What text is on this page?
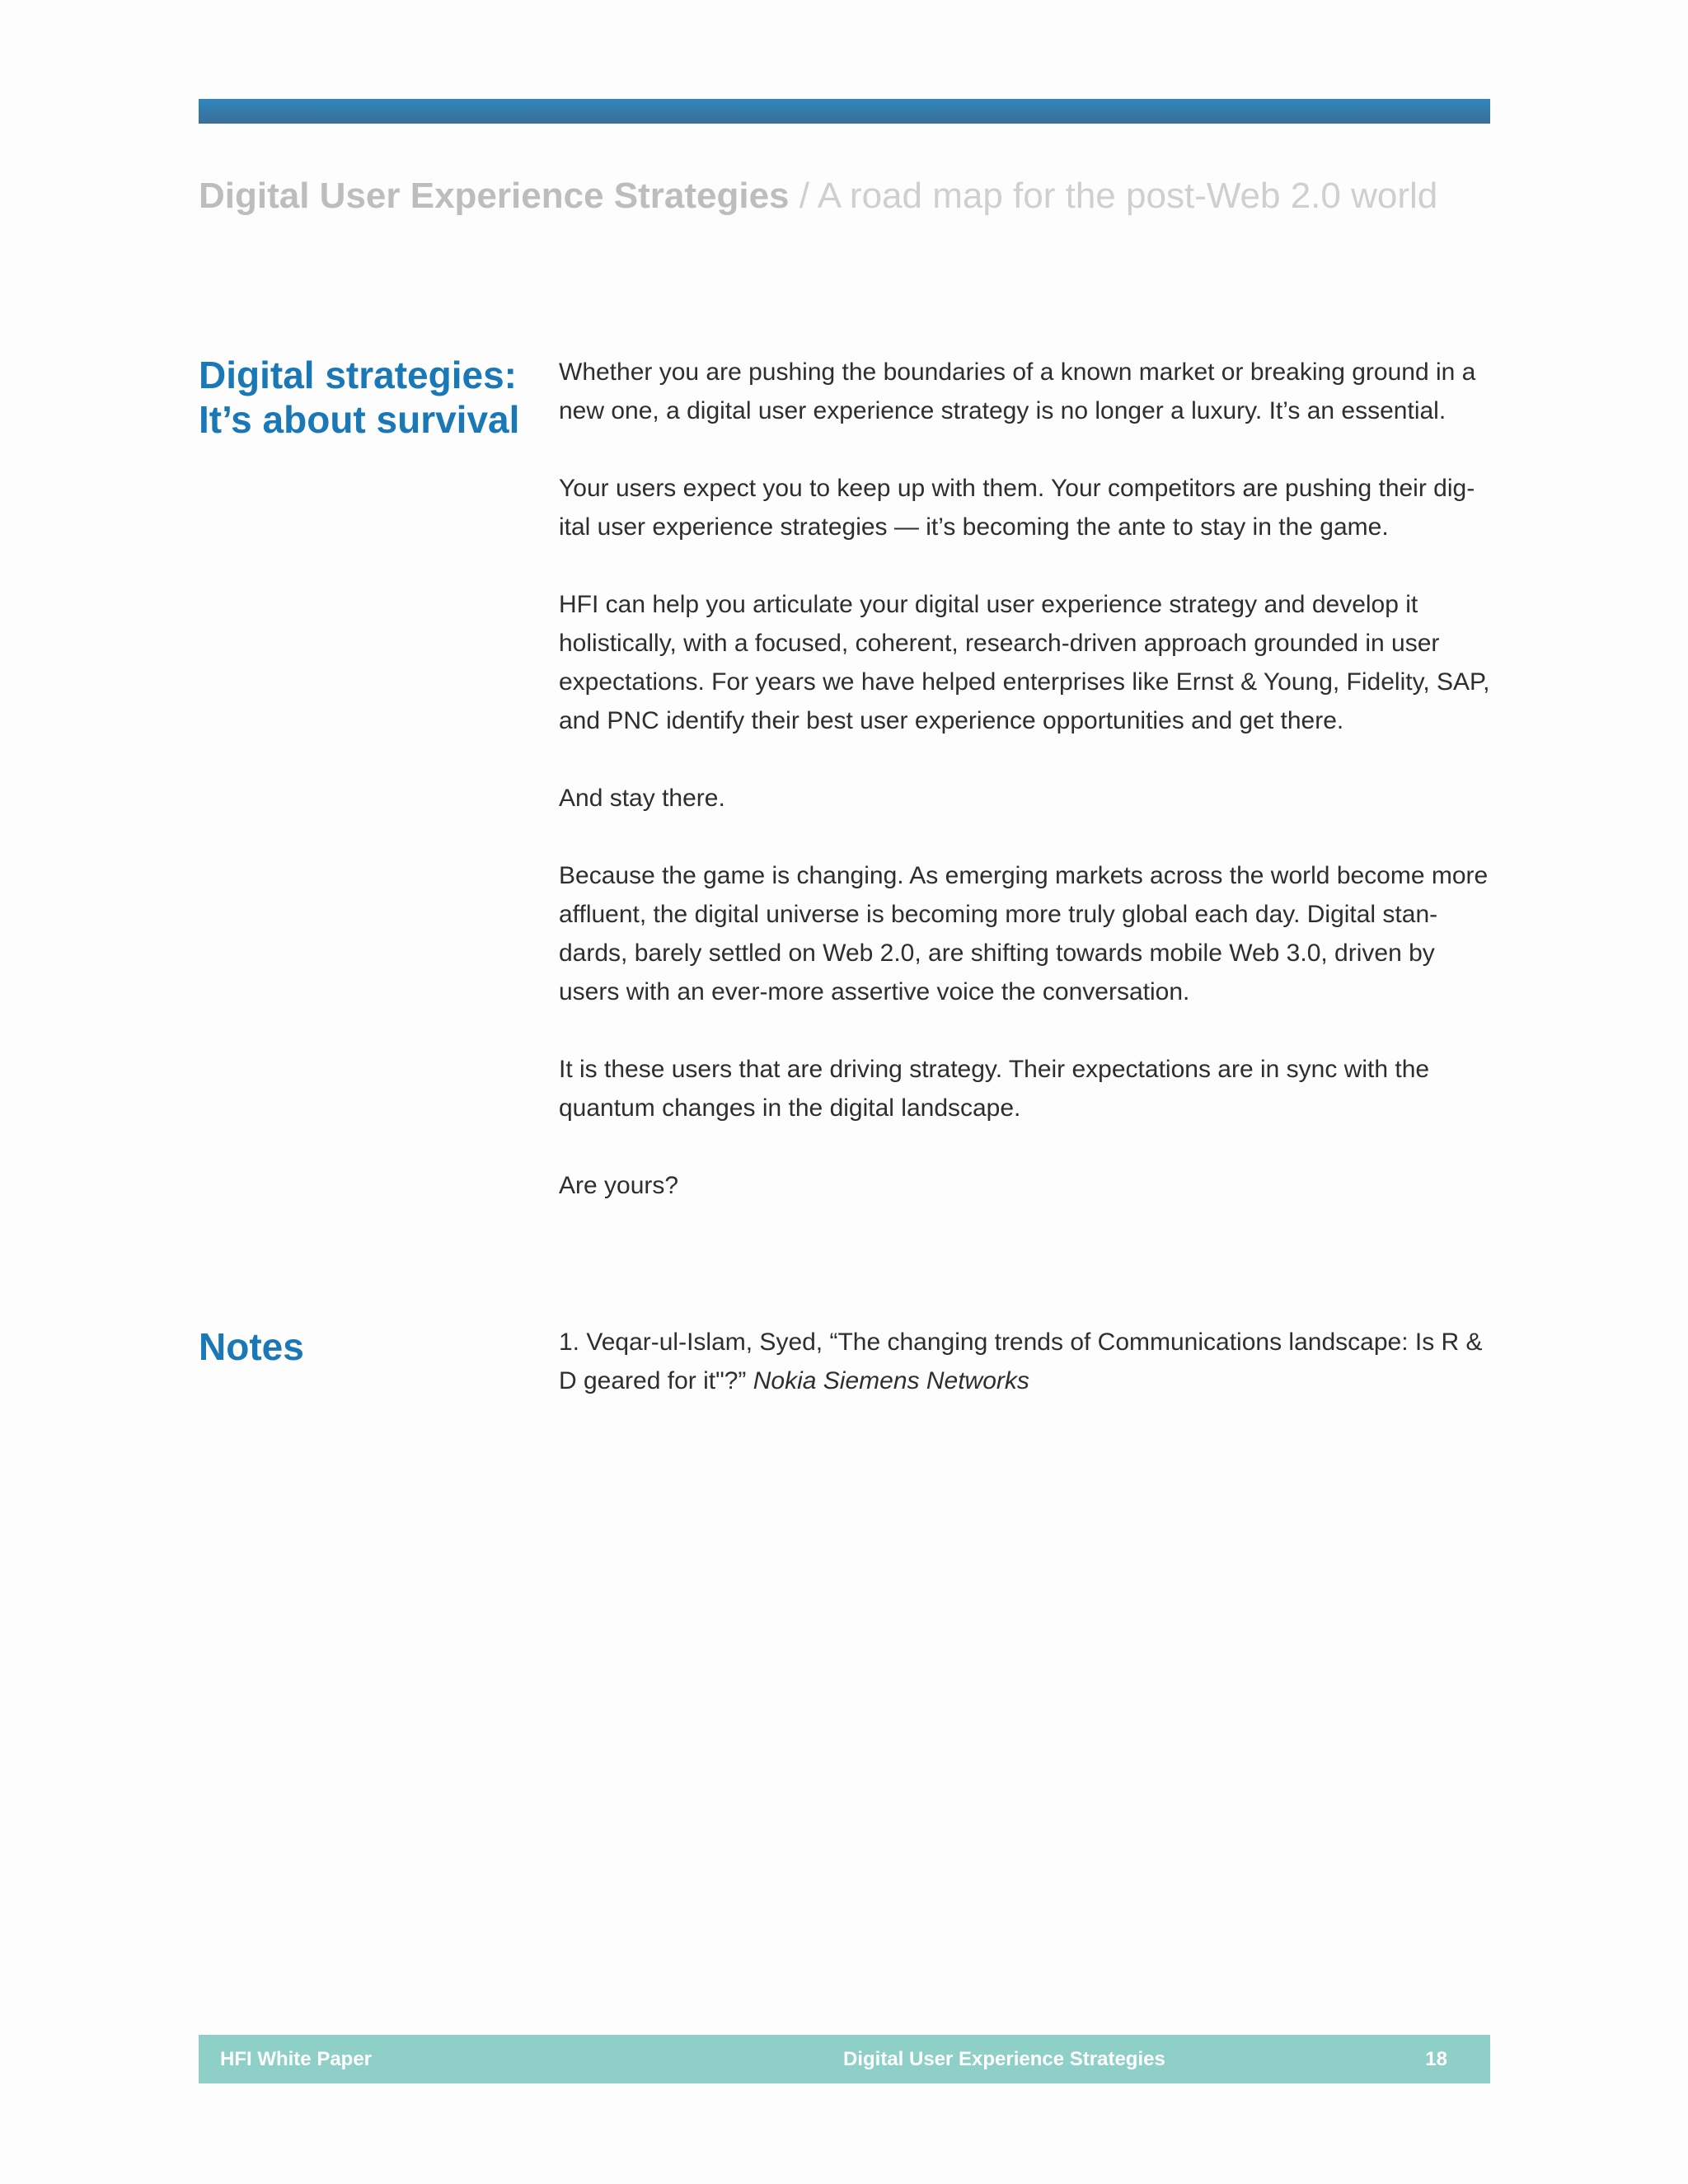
Digital User Experience Strategies / A road map for the post-Web 2.0 world
Digital strategies:
It’s about survival

Whether you are pushing the boundaries of a known market or breaking ground in a new one, a digital user experience strategy is no longer a luxury. It’s an essential.

Your users expect you to keep up with them. Your competitors are pushing their dig-ital user experience strategies — it’s becoming the ante to stay in the game.

HFI can help you articulate your digital user experience strategy and develop it holistically, with a focused, coherent, research-driven approach grounded in user expectations. For years we have helped enterprises like Ernst & Young, Fidelity, SAP, and PNC identify their best user experience opportunities and get there.

And stay there.

Because the game is changing. As emerging markets across the world become more affluent, the digital universe is becoming more truly global each day. Digital stan-dards, barely settled on Web 2.0, are shifting towards mobile Web 3.0, driven by users with an ever-more assertive voice the conversation.

It is these users that are driving strategy. Their expectations are in sync with the quantum changes in the digital landscape.

Are yours?

Notes	1. Veqar-ul-Islam, Syed, “The changing trends of Communications landscape: Is R & D geared for it"?” Nokia Siemens Networks

HFI White Paper	Digital User Experience Strategies	18
